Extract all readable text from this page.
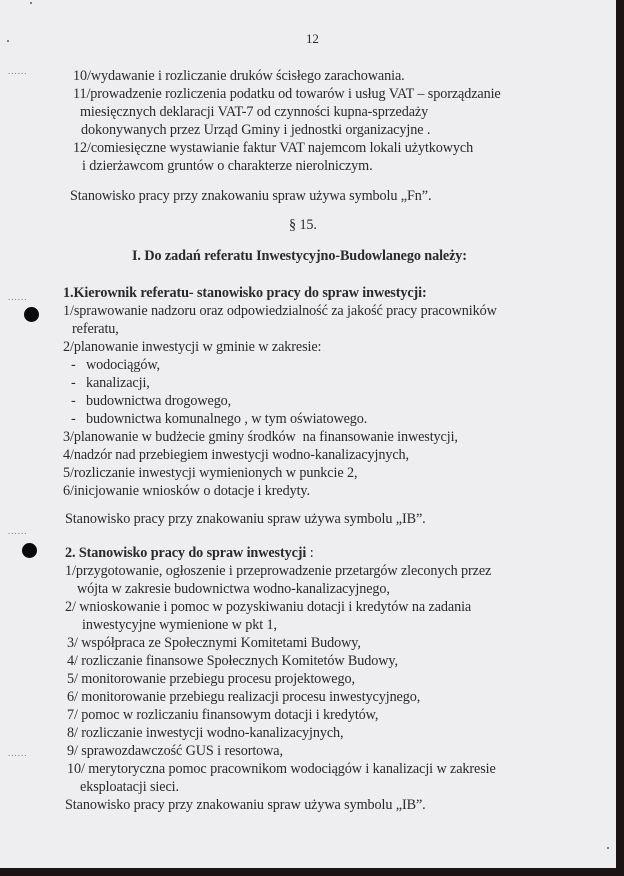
12
......
......
......
......
10/wydawanie i rozliczanie druków ścisłego zarachowania.
11/prowadzenie rozliczenia podatku od towarów i usług VAT – sporządzanie
miesięcznych deklaracji VAT-7 od czynności kupna-sprzedaży
dokonywanych przez Urząd Gminy i jednostki organizacyjne .
12/comiesięczne wystawianie faktur VAT najemcom lokali użytkowych
i dzierżawcom gruntów o charakterze nierolniczym.
Stanowisko pracy przy znakowaniu spraw używa symbolu „Fn”.
§ 15.
I. Do zadań referatu Inwestycyjno-Budowlanego należy:
1.Kierownik referatu- stanowisko pracy do spraw inwestycji:
1/sprawowanie nadzoru oraz odpowiedzialność za jakość pracy pracowników
referatu,
2/planowanie inwestycji w gminie w zakresie:
-   wodociągów,
-   kanalizacji,
-   budownictwa drogowego,
-   budownictwa komunalnego , w tym oświatowego.
3/planowanie w budżecie gminy środków  na finansowanie inwestycji,
4/nadzór nad przebiegiem inwestycji wodno-kanalizacyjnych,
5/rozliczanie inwestycji wymienionych w punkcie 2,
6/inicjowanie wniosków o dotacje i kredyty.
Stanowisko pracy przy znakowaniu spraw używa symbolu „IB”.
2. Stanowisko pracy do spraw inwestycji :
1/przygotowanie, ogłoszenie i przeprowadzenie przetargów zleconych przez
wójta w zakresie budownictwa wodno-kanalizacyjnego,
2/ wnioskowanie i pomoc w pozyskiwaniu dotacji i kredytów na zadania
inwestycyjne wymienione w pkt 1,
3/ współpraca ze Społecznymi Komitetami Budowy,
4/ rozliczanie finansowe Społecznych Komitetów Budowy,
5/ monitorowanie przebiegu procesu projektowego,
6/ monitorowanie przebiegu realizacji procesu inwestycyjnego,
7/ pomoc w rozliczaniu finansowym dotacji i kredytów,
8/ rozliczanie inwestycji wodno-kanalizacyjnych,
9/ sprawozdawczość GUS i resortowa,
10/ merytoryczna pomoc pracownikom wodociągów i kanalizacji w zakresie
eksploatacji sieci.
Stanowisko pracy przy znakowaniu spraw używa symbolu „IB”.
